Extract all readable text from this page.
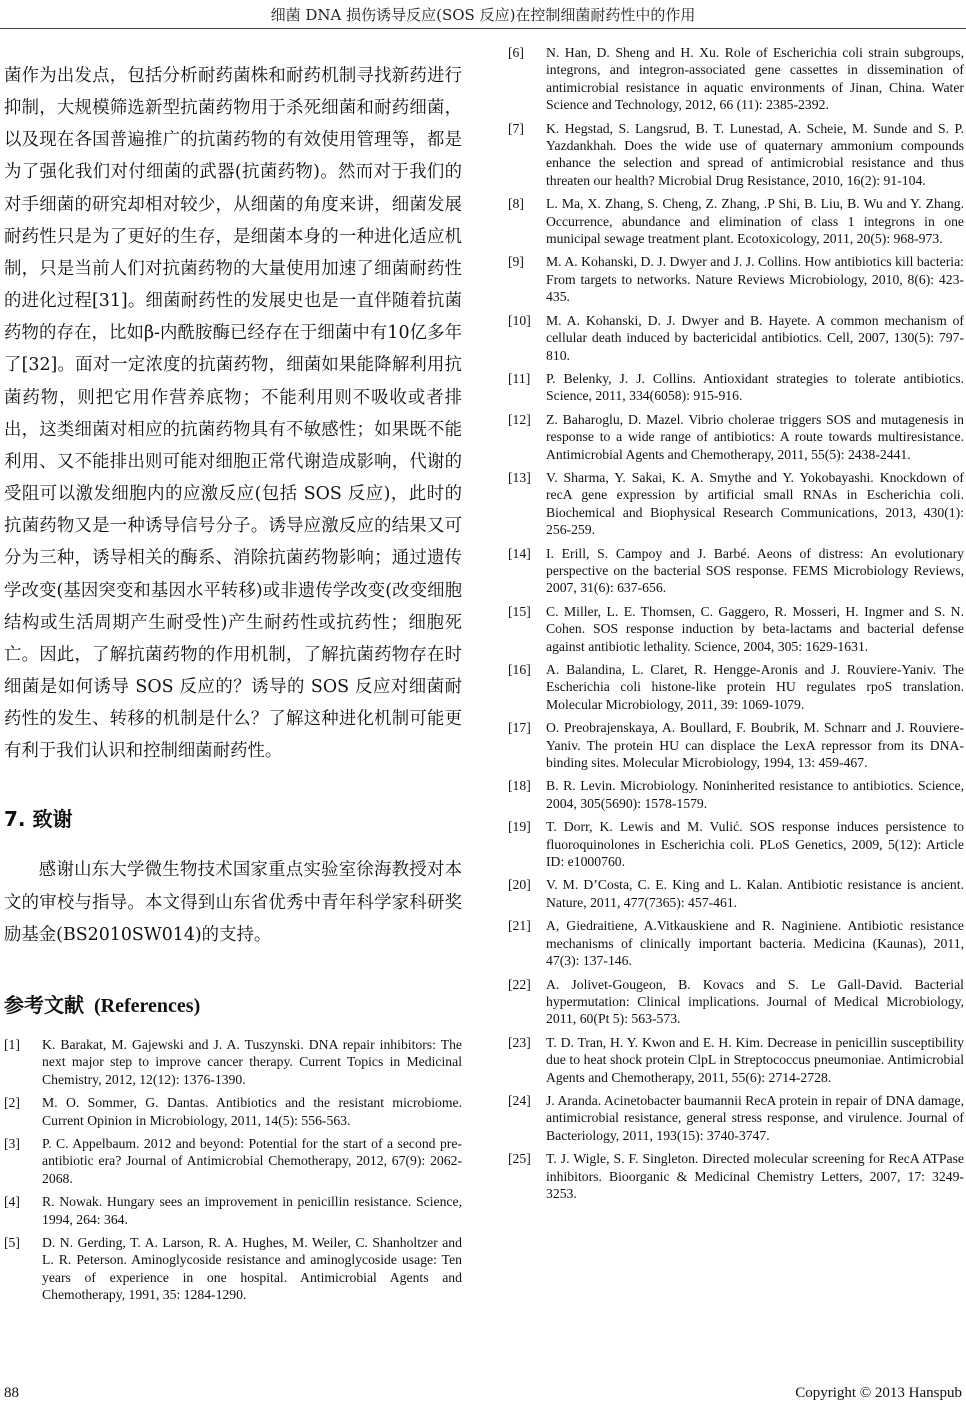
细菌 DNA 损伤诱导反应(SOS 反应)在控制细菌耐药性中的作用

菌作为出发点，包括分析耐药菌株和耐药机制寻找新药进行抑制，大规模筛选新型抗菌药物用于杀死细菌和耐药细菌，以及现在各国普遍推广的抗菌药物的有效使用管理等，都是为了强化我们对付细菌的武器(抗菌药物)。然而对于我们的对手细菌的研究却相对较少，从细菌的角度来讲，细菌发展耐药性只是为了更好的生存，是细菌本身的一种进化适应机制，只是当前人们对抗菌药物的大量使用加速了细菌耐药性的进化过程[31]。细菌耐药性的发展史也是一直伴随着抗菌药物的存在，比如β-内酰胺酶已经存在于细菌中有10亿多年了[32]。面对一定浓度的抗菌药物，细菌如果能降解利用抗菌药物，则把它用作营养底物；不能利用则不吸收或者排出，这类细菌对相应的抗菌药物具有不敏感性；如果既不能利用、又不能排出则可能对细胞正常代谢造成影响，代谢的受阻可以激发细胞内的应激反应(包括 SOS 反应)，此时的抗菌药物又是一种诱导信号分子。诱导应激反应的结果又可分为三种，诱导相关的酶系、消除抗菌药物影响；通过遗传学改变(基因突变和基因水平转移)或非遗传学改变(改变细胞结构或生活周期产生耐受性)产生耐药性或抗药性；细胞死亡。因此，了解抗菌药物的作用机制，了解抗菌药物存在时细菌是如何诱导 SOS 反应的？诱导的 SOS 反应对细菌耐药性的发生、转移的机制是什么？了解这种进化机制可能更有利于我们认识和控制细菌耐药性。

7. 致谢

感谢山东大学微生物技术国家重点实验室徐海教授对本文的审校与指导。本文得到山东省优秀中青年科学家科研奖励基金(BS2010SW014)的支持。

参考文献 (References)
[1]	K. Barakat, M. Gajewski and J. A. Tuszynski. DNA repair inhibitors: The next major step to improve cancer therapy. Current Topics in Medicinal Chemistry, 2012, 12(12): 1376-1390.
[2]	M. O. Sommer, G. Dantas. Antibiotics and the resistant microbiome. Current Opinion in Microbiology, 2011, 14(5): 556-563.
[3]	P. C. Appelbaum. 2012 and beyond: Potential for the start of a second pre-antibiotic era? Journal of Antimicrobial Chemotherapy, 2012, 67(9): 2062-2068.
[4]	R. Nowak. Hungary sees an improvement in penicillin resistance. Science, 1994, 264: 364.
[5]	D. N. Gerding, T. A. Larson, R. A. Hughes, M. Weiler, C. Shanholtzer and L. R. Peterson. Aminoglycoside resistance and aminoglycoside usage: Ten years of experience in one hospital. Antimicrobial Agents and Chemotherapy, 1991, 35: 1284-1290.
[6]	N. Han, D. Sheng and H. Xu. Role of Escherichia coli strain subgroups, integrons, and integron-associated gene cassettes in dissemination of antimicrobial resistance in aquatic environments of Jinan, China. Water Science and Technology, 2012, 66 (11): 2385-2392.
[7]	K. Hegstad, S. Langsrud, B. T. Lunestad, A. Scheie, M. Sunde and S. P. Yazdankhah. Does the wide use of quaternary ammonium compounds enhance the selection and spread of antimicrobial resistance and thus threaten our health? Microbial Drug Resistance, 2010, 16(2): 91-104.
[8]	L. Ma, X. Zhang, S. Cheng, Z. Zhang, .P Shi, B. Liu, B. Wu and Y. Zhang. Occurrence, abundance and elimination of class 1 integrons in one municipal sewage treatment plant. Ecotoxicology, 2011, 20(5): 968-973.
[9]	M. A. Kohanski, D. J. Dwyer and J. J. Collins. How antibiotics kill bacteria: From targets to networks. Nature Reviews Microbiology, 2010, 8(6): 423-435.
[10]	M. A. Kohanski, D. J. Dwyer and B. Hayete. A common mechanism of cellular death induced by bactericidal antibiotics. Cell, 2007, 130(5): 797-810.
[11]	P. Belenky, J. J. Collins. Antioxidant strategies to tolerate antibiotics. Science, 2011, 334(6058): 915-916.
[12]	Z. Baharoglu, D. Mazel. Vibrio cholerae triggers SOS and mutagenesis in response to a wide range of antibiotics: A route towards multiresistance. Antimicrobial Agents and Chemotherapy, 2011, 55(5): 2438-2441.
[13]	V. Sharma, Y. Sakai, K. A. Smythe and Y. Yokobayashi. Knockdown of recA gene expression by artificial small RNAs in Escherichia coli. Biochemical and Biophysical Research Communications, 2013, 430(1): 256-259.
[14]	I. Erill, S. Campoy and J. Barbé. Aeons of distress: An evolutionary perspective on the bacterial SOS response. FEMS Microbiology Reviews, 2007, 31(6): 637-656.
[15]	C. Miller, L. E. Thomsen, C. Gaggero, R. Mosseri, H. Ingmer and S. N. Cohen. SOS response induction by beta-lactams and bacterial defense against antibiotic lethality. Science, 2004, 305: 1629-1631.
[16]	A. Balandina, L. Claret, R. Hengge-Aronis and J. Rouviere-Yaniv. The Escherichia coli histone-like protein HU regulates rpoS translation. Molecular Microbiology, 2011, 39: 1069-1079.
[17]	O. Preobrajenskaya, A. Boullard, F. Boubrik, M. Schnarr and J. Rouviere-Yaniv. The protein HU can displace the LexA repressor from its DNA-binding sites. Molecular Microbiology, 1994, 13: 459-467.
[18]	B. R. Levin. Microbiology. Noninherited resistance to antibiotics. Science, 2004, 305(5690): 1578-1579.
[19]	T. Dorr, K. Lewis and M. Vulić. SOS response induces persistence to fluoroquinolones in Escherichia coli. PLoS Genetics, 2009, 5(12): Article ID: e1000760.
[20]	V. M. D’Costa, C. E. King and L. Kalan. Antibiotic resistance is ancient. Nature, 2011, 477(7365): 457-461.
[21]	A, Giedraitiene, A.Vitkauskiene and R. Naginiene. Antibiotic resistance mechanisms of clinically important bacteria. Medicina (Kaunas), 2011, 47(3): 137-146.
[22]	A. Jolivet-Gougeon, B. Kovacs and S. Le Gall-David. Bacterial hypermutation: Clinical implications. Journal of Medical Microbiology, 2011, 60(Pt 5): 563-573.
[23]	T. D. Tran, H. Y. Kwon and E. H. Kim. Decrease in penicillin susceptibility due to heat shock protein ClpL in Streptococcus pneumoniae. Antimicrobial Agents and Chemotherapy, 2011, 55(6): 2714-2728.
[24]	J. Aranda. Acinetobacter baumannii RecA protein in repair of DNA damage, antimicrobial resistance, general stress response, and virulence. Journal of Bacteriology, 2011, 193(15): 3740-3747.
[25]	T. J. Wigle, S. F. Singleton. Directed molecular screening for RecA ATPase inhibitors. Bioorganic & Medicinal Chemistry Letters, 2007, 17: 3249-3253.
88	Copyright © 2013 Hanspub
